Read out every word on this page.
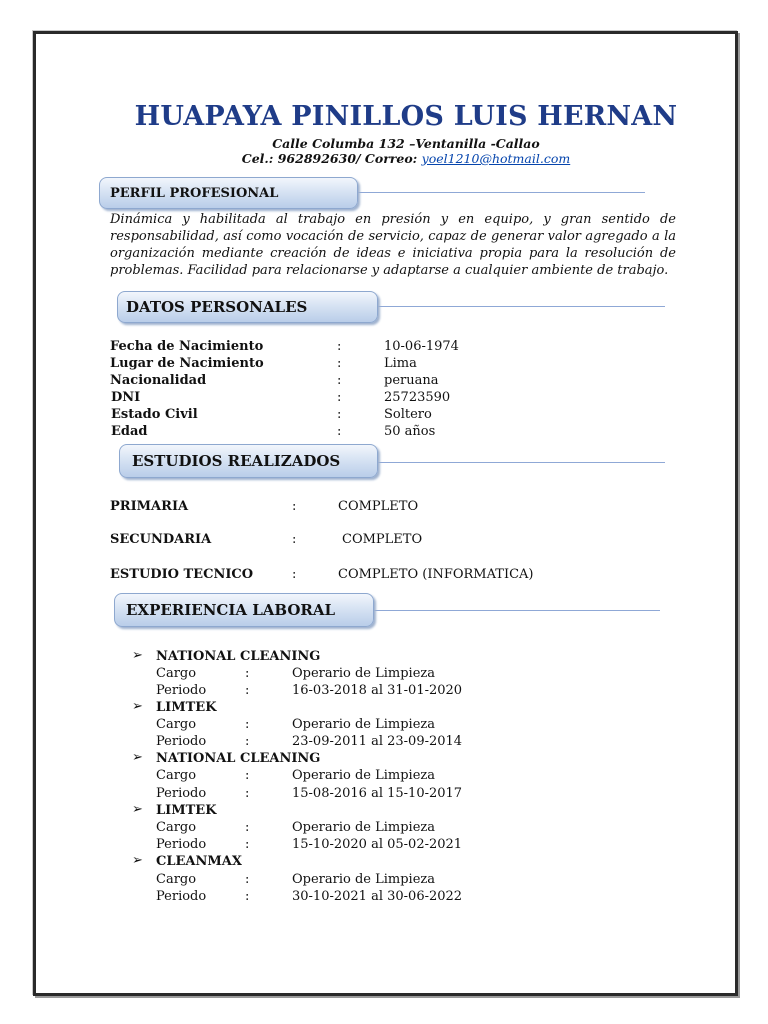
HUAPAYA PINILLOS LUIS HERNAN
Calle Columba 132 –Ventanilla -Callao
Cel.: 962892630/ Correo: yoel1210@hotmail.com
PERFIL PROFESIONAL
Dinámica y habilitada al trabajo en presión y en equipo, y gran sentido de responsabilidad, así como vocación de servicio, capaz de generar valor agregado a la organización mediante creación de ideas e iniciativa propia para la resolución de problemas. Facilidad para relacionarse y adaptarse a cualquier ambiente de trabajo.
DATOS PERSONALES
Fecha de Nacimiento	:	10-06-1974
Lugar de Nacimiento	:	Lima
Nacionalidad	:	peruana
DNI	:	25723590
Estado Civil	:	Soltero
Edad	:	50 años
ESTUDIOS REALIZADOS
PRIMARIA	:	COMPLETO
SECUNDARIA	:	COMPLETO
ESTUDIO TECNICO	:	COMPLETO (INFORMATICA)
EXPERIENCIA LABORAL
➢ NATIONAL CLEANING
Cargo	:	Operario de Limpieza
Periodo	:	16-03-2018 al 31-01-2020
➢ LIMTEK
Cargo	:	Operario de Limpieza
Periodo	:	23-09-2011 al 23-09-2014
➢ NATIONAL CLEANING
Cargo	:	Operario de Limpieza
Periodo	:	15-08-2016 al 15-10-2017
➢ LIMTEK
Cargo	:	Operario de Limpieza
Periodo	:	15-10-2020 al 05-02-2021
➢ CLEANMAX
Cargo	:	Operario de Limpieza
Periodo	:	30-10-2021 al 30-06-2022
